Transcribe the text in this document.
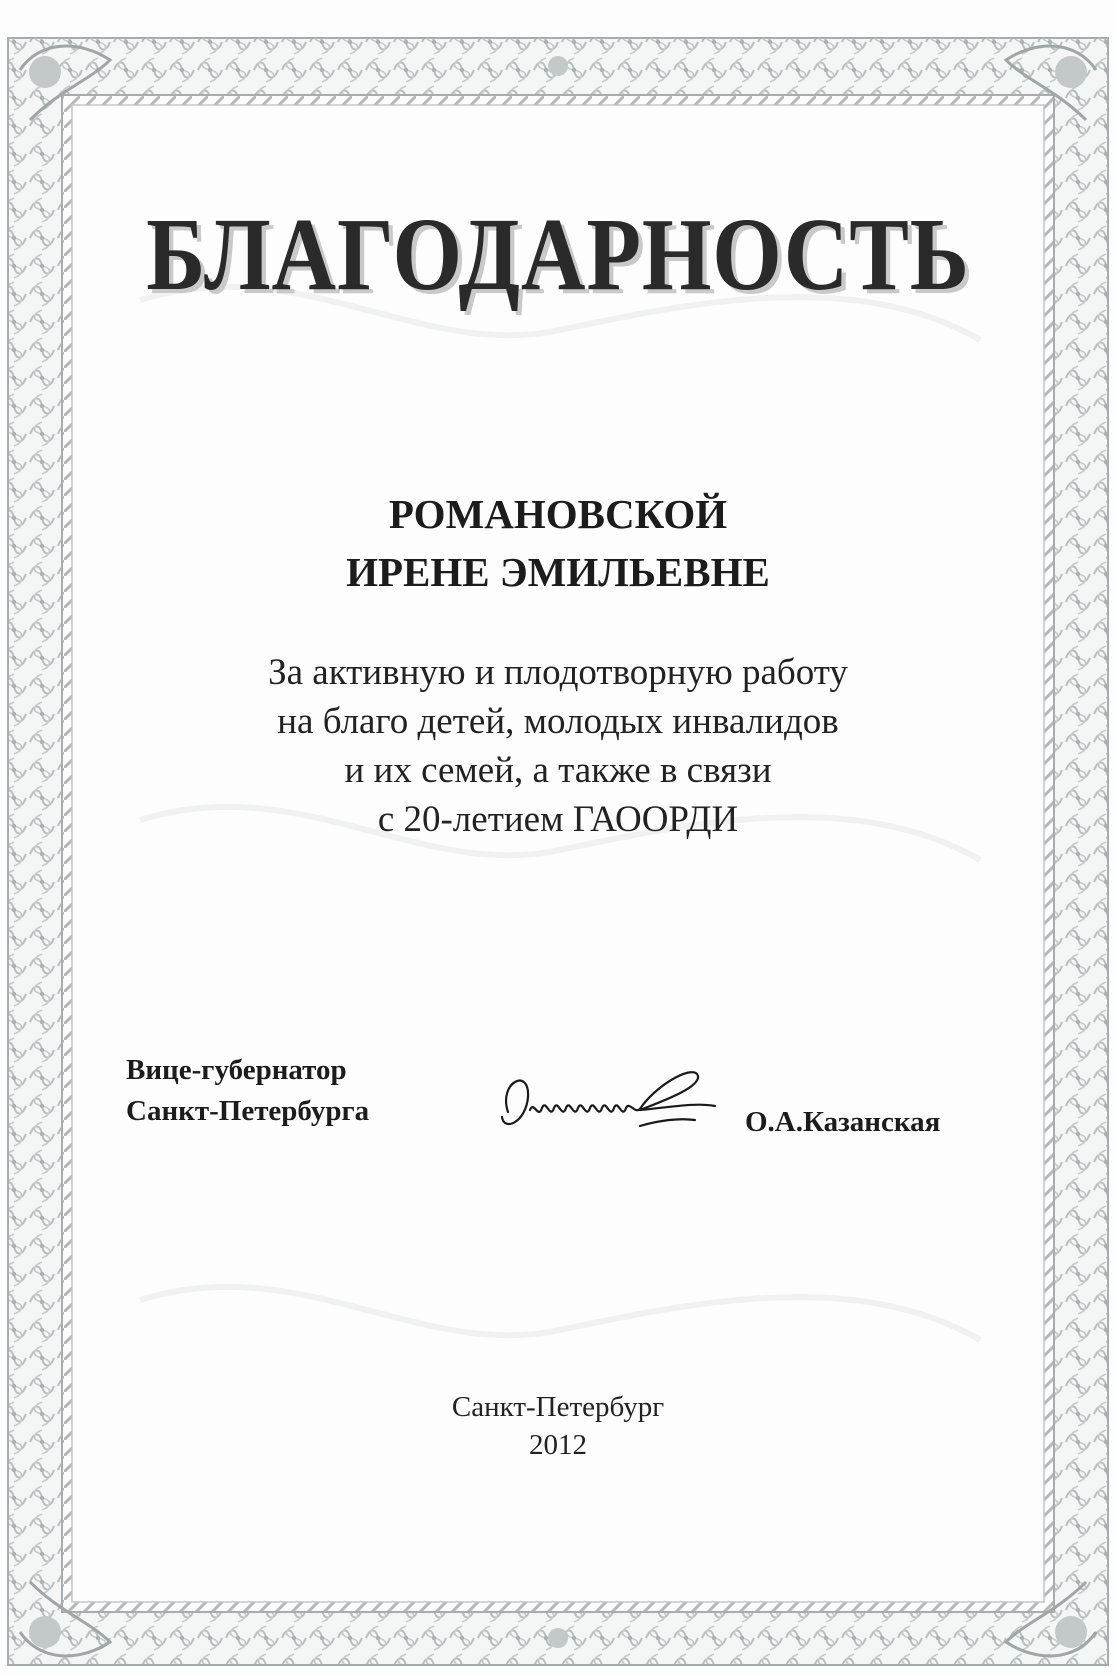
БЛАГОДАРНОСТЬ
РОМАНОВСКОЙ
ИРЕНЕ ЭМИЛЬЕВНЕ
За активную и плодотворную работу
на благо детей, молодых инвалидов
и их семей, а также в связи
с 20-летием ГАООРДИ
Вице-губернатор
Санкт-Петербурга	О.А.Казанская
Санкт-Петербург
2012
